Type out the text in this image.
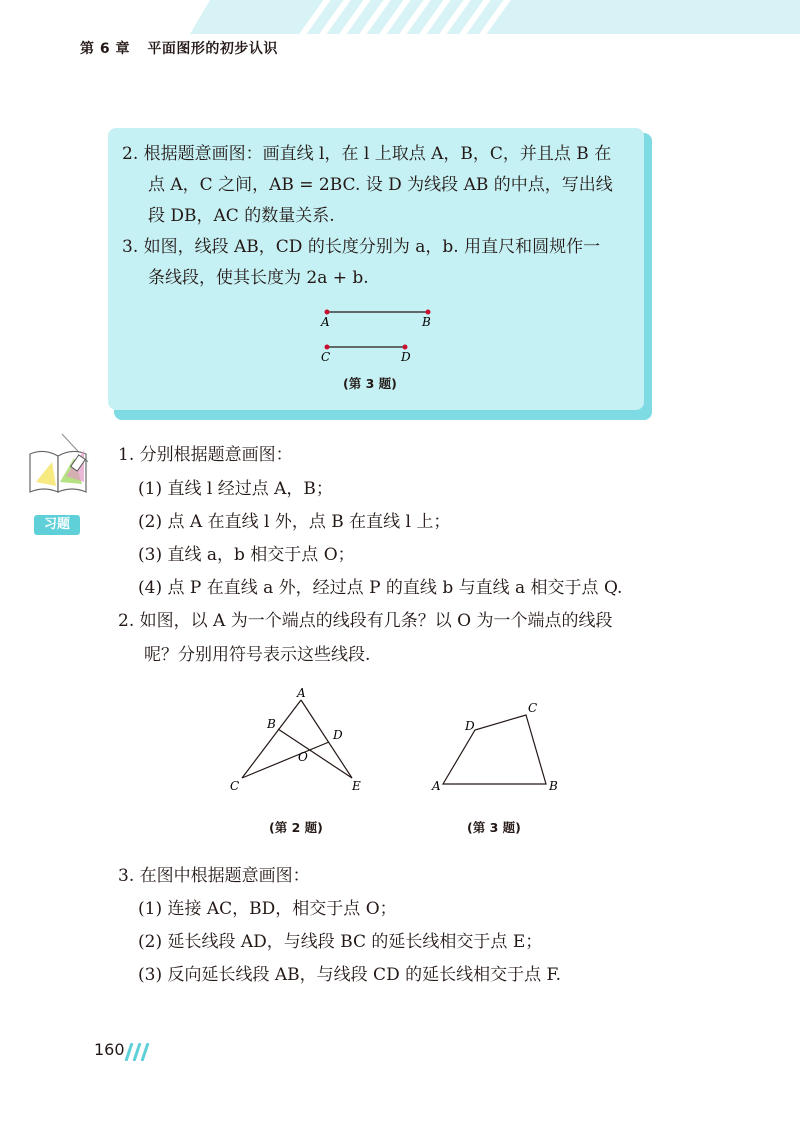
第 6 章 平面图形的初步认识
2. 根据题意画图：画直线 l，在 l 上取点 A，B，C，并且点 B 在
点 A，C 之间，AB = 2BC. 设 D 为线段 AB 的中点，写出线
段 DB，AC 的数量关系.
3. 如图，线段 AB，CD 的长度分别为 a，b. 用直尺和圆规作一
条线段，使其长度为 2a + b.
A	B
C	D
(第 3 题)
习题
1. 分别根据题意画图：
(1) 直线 l 经过点 A，B；
(2) 点 A 在直线 l 外，点 B 在直线 l 上；
(3) 直线 a，b 相交于点 O；
(4) 点 P 在直线 a 外，经过点 P 的直线 b 与直线 a 相交于点 Q.
2. 如图，以 A 为一个端点的线段有几条？以 O 为一个端点的线段
呢？分别用符号表示这些线段.
A
B
D
O
C	E
(第 2 题)
A	B
C
D
(第 3 题)
3. 在图中根据题意画图：
(1) 连接 AC，BD，相交于点 O；
(2) 延长线段 AD，与线段 BC 的延长线相交于点 E；
(3) 反向延长线段 AB，与线段 CD 的延长线相交于点 F.
160
